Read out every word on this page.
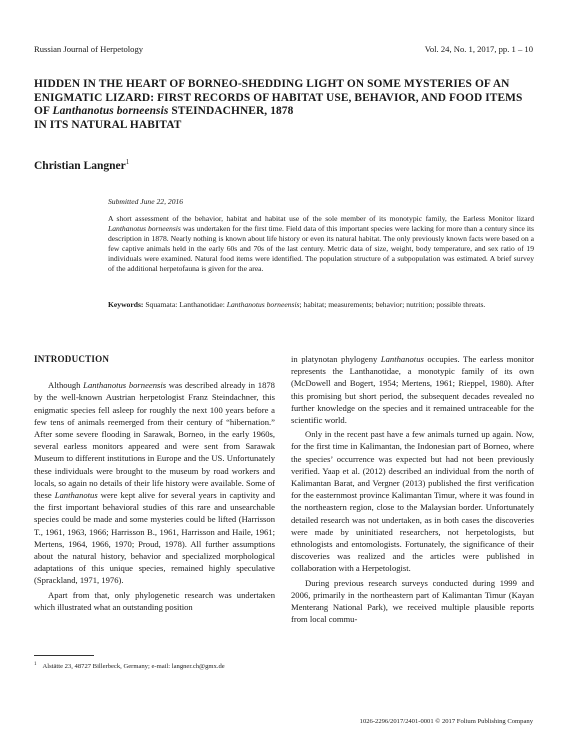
Russian Journal of Herpetology	Vol. 24, No. 1, 2017, pp. 1 – 10
HIDDEN IN THE HEART OF BORNEO-SHEDDING LIGHT ON SOME MYSTERIES OF AN ENIGMATIC LIZARD: FIRST RECORDS OF HABITAT USE, BEHAVIOR, AND FOOD ITEMS OF Lanthanotus borneensis STEINDACHNER, 1878
IN ITS NATURAL HABITAT
Christian Langner$^1$
Submitted June 22, 2016
A short assessment of the behavior, habitat and habitat use of the sole member of its monotypic family, the Earless Monitor lizard Lanthanotus borneensis was undertaken for the first time. Field data of this important species were lacking for more than a century since its description in 1878. Nearly nothing is known about life history or even its natural habitat. The only previously known facts were based on a few captive animals held in the early 60s and 70s of the last century. Metric data of size, weight, body temperature, and sex ratio of 19 individuals were examined. Natural food items were identified. The population structure of a subpopulation was estimated. A brief survey of the additional herpetofauna is given for the area.
Keywords: Squamata: Lanthanotidae: Lanthanotus borneensis; habitat; measurements; behavior; nutrition; possible threats.
INTRODUCTION

Although Lanthanotus borneensis was described already in 1878 by the well-known Austrian herpetologist Franz Steindachner, this enigmatic species fell asleep for roughly the next 100 years before a few tens of animals reemerged from their century of “hibernation.” After some severe flooding in Sarawak, Borneo, in the early 1960s, several earless monitors appeared and were sent from Sarawak Museum to different institutions in Europe and the US. Unfortunately these individuals were brought to the museum by road workers and locals, so again no details of their life history were available. Some of these Lanthanotus were kept alive for several years in captivity and the first important behavioral studies of this rare and unsearchable species could be made and some mysteries could be lifted (Harrisson T., 1961, 1963, 1966; Harrisson B., 1961, Harrisson and Haile, 1961; Mertens, 1964, 1966, 1970; Proud, 1978). All further assumptions about the natural history, behavior and specialized morphological adaptations of this unique species, remained highly speculative (Sprackland, 1971, 1976).

Apart from that, only phylogenetic research was undertaken which illustrated what an outstanding position

in platynotan phylogeny Lanthanotus occupies. The earless monitor represents the Lanthanotidae, a monotypic family of its own (McDowell and Bogert, 1954; Mertens, 1961; Rieppel, 1980). After this promising but short period, the subsequent decades revealed no further knowledge on the species and it remained untraceable for the scientific world.

Only in the recent past have a few animals turned up again. Now, for the first time in Kalimantan, the Indonesian part of Borneo, where the species’ occurrence was expected but had not been previously verified. Yaap et al. (2012) described an individual from the north of Kalimantan Barat, and Vergner (2013) published the first verification for the easternmost province Kalimantan Timur, where it was found in the northeastern region, close to the Malaysian border. Unfortunately detailed research was not undertaken, as in both cases the discoveries were made by uninitiated researchers, not herpetologists, but ethnologists and entomologists. Fortunately, the significance of their discoveries was realized and the articles were published in collaboration with a Herpetologist.

During previous research surveys conducted during 1999 and 2006, primarily in the northeastern part of Kalimantan Timur (Kayan Menterang National Park), we received multiple plausible reports from local commu-

$^1$ Alstätte 23, 48727 Billerbeck, Germany; e-mail: langner.ch@gmx.de
1026-2296/2017/2401-0001 © 2017 Folium Publishing Company
